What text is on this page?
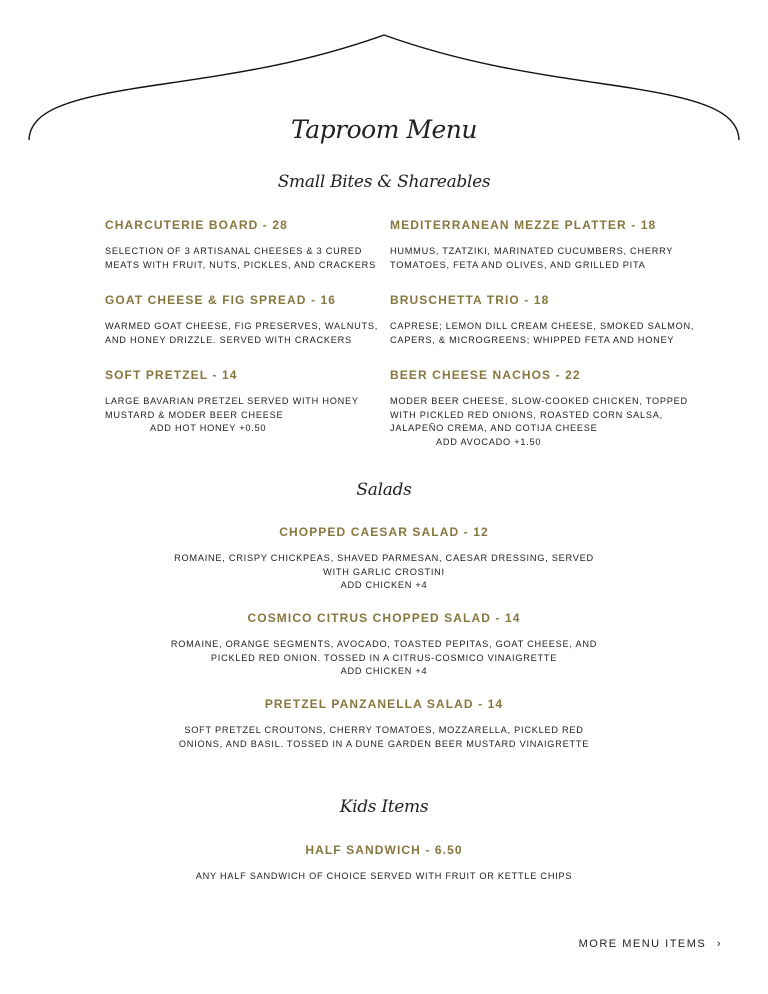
Taproom Menu
Small Bites & Shareables
CHARCUTERIE BOARD - 28
SELECTION OF 3 ARTISANAL CHEESES & 3 CURED
MEATS WITH FRUIT, NUTS, PICKLES, AND CRACKERS
MEDITERRANEAN MEZZE PLATTER - 18
HUMMUS, TZATZIKI, MARINATED CUCUMBERS, CHERRY
TOMATOES, FETA AND OLIVES, AND GRILLED PITA
GOAT CHEESE & FIG SPREAD - 16
WARMED GOAT CHEESE, FIG PRESERVES, WALNUTS,
AND HONEY DRIZZLE. SERVED WITH CRACKERS
BRUSCHETTA TRIO - 18
CAPRESE; LEMON DILL CREAM CHEESE, SMOKED SALMON,
CAPERS, & MICROGREENS; WHIPPED FETA AND HONEY
SOFT PRETZEL - 14
LARGE BAVARIAN PRETZEL SERVED WITH HONEY
MUSTARD & MODER BEER CHEESE
ADD HOT HONEY +0.50
BEER CHEESE NACHOS - 22
MODER BEER CHEESE, SLOW-COOKED CHICKEN, TOPPED
WITH PICKLED RED ONIONS, ROASTED CORN SALSA,
JALAPEÑO CREMA, AND COTIJA CHEESE
ADD AVOCADO +1.50
Salads
CHOPPED CAESAR SALAD - 12
ROMAINE, CRISPY CHICKPEAS, SHAVED PARMESAN, CAESAR DRESSING, SERVED
WITH GARLIC CROSTINI
ADD CHICKEN +4
COSMICO CITRUS CHOPPED SALAD - 14
ROMAINE, ORANGE SEGMENTS, AVOCADO, TOASTED PEPITAS, GOAT CHEESE, AND
PICKLED RED ONION. TOSSED IN A CITRUS-COSMICO VINAIGRETTE
ADD CHICKEN +4
PRETZEL PANZANELLA SALAD - 14
SOFT PRETZEL CROUTONS, CHERRY TOMATOES, MOZZARELLA, PICKLED RED
ONIONS, AND BASIL. TOSSED IN A DUNE GARDEN BEER MUSTARD VINAIGRETTE
Kids Items
HALF SANDWICH - 6.50
ANY HALF SANDWICH OF CHOICE SERVED WITH FRUIT OR KETTLE CHIPS
MORE MENU ITEMS ›
